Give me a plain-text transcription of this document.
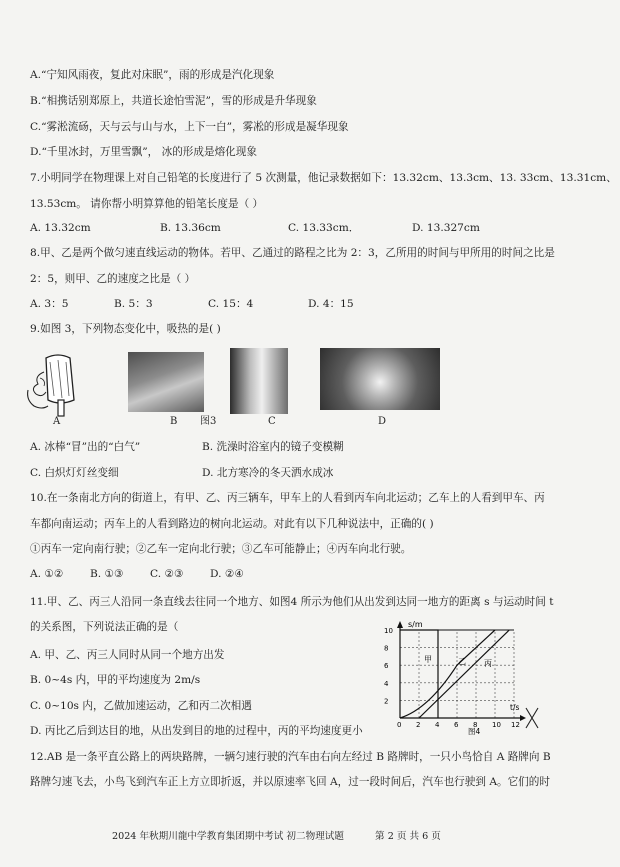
A.“宁知风雨夜，复此对床眠”，雨的形成是汽化现象
B.“相携话别郑原上，共道长途怕雪泥”，雪的形成是升华现象
C.“雾淞流砀，天与云与山与水，上下一白”，雾凇的形成是凝华现象
D.“千里冰封，万里雪飘”， 冰的形成是熔化现象
7.小明同学在物理课上对自己铅笔的长度进行了 5 次测量，他记录数据如下：13.32cm、13.3cm、13. 33cm、13.31cm、
13.53cm。 请你帮小明算算他的铅笔长度是（ ）
A. 13.32cm	B. 13.36cm	C. 13.33cm．	D. 13.327cm
8.甲、乙是两个做匀速直线运动的物体。若甲、乙通过的路程之比为 2：3，乙所用的时间与甲所用的时间之比是
2：5，则甲、乙的速度之比是（ ）
A. 3：5	B. 5：3	C. 15：4	D. 4：15
9.如图 3，下列物态变化中，吸热的是( )
A	B 图3	C	D
A. 冰棒“冒”出的“白气”	B. 洗澡时浴室内的镜子变模糊
C. 白炽灯灯丝变细	D. 北方寒冷的冬天洒水成冰
10.在一条南北方向的街道上，有甲、乙、丙三辆车，甲车上的人看到丙车向北运动；乙车上的人看到甲车、丙
车都向南运动；丙车上的人看到路边的树向北运动。对此有以下几种说法中，正确的( )
①丙车一定向南行驶；②乙车一定向北行驶；③乙车可能静止；④丙车向北行驶。
A. ①②	B. ①③ C. ②③	D. ②④
11.甲、乙、丙三人沿同一条直线去往同一个地方、如图4 所示为他们从出发到达同一地方的距离 s 与运动时间 t
的关系图，下列说法正确的是（
A. 甲、乙、丙三人同时从同一个地方出发
B. 0~4s 内，甲的平均速度为 2m/s
C. 0~10s 内，乙做加速运动，乙和丙二次相遇
D. 丙比乙后到达目的地，从出发到目的地的过程中，丙的平均速度更小
10
8
6
4
2
0 2 4 6 8 10 12
s/m
t/s
图4
甲	乙 丙
12.AB 是一条平直公路上的两块路牌，一辆匀速行驶的汽车由右向左经过 B 路牌时，一只小鸟恰自 A 路牌向 B
路牌匀速飞去，小鸟飞到汽车正上方立即折返，并以原速率飞回 A，过一段时间后，汽车也行驶到 A。它们的时
2024 年秋期川龍中学教育集团期中考试 初二物理试题	第 2 页 共 6 页
